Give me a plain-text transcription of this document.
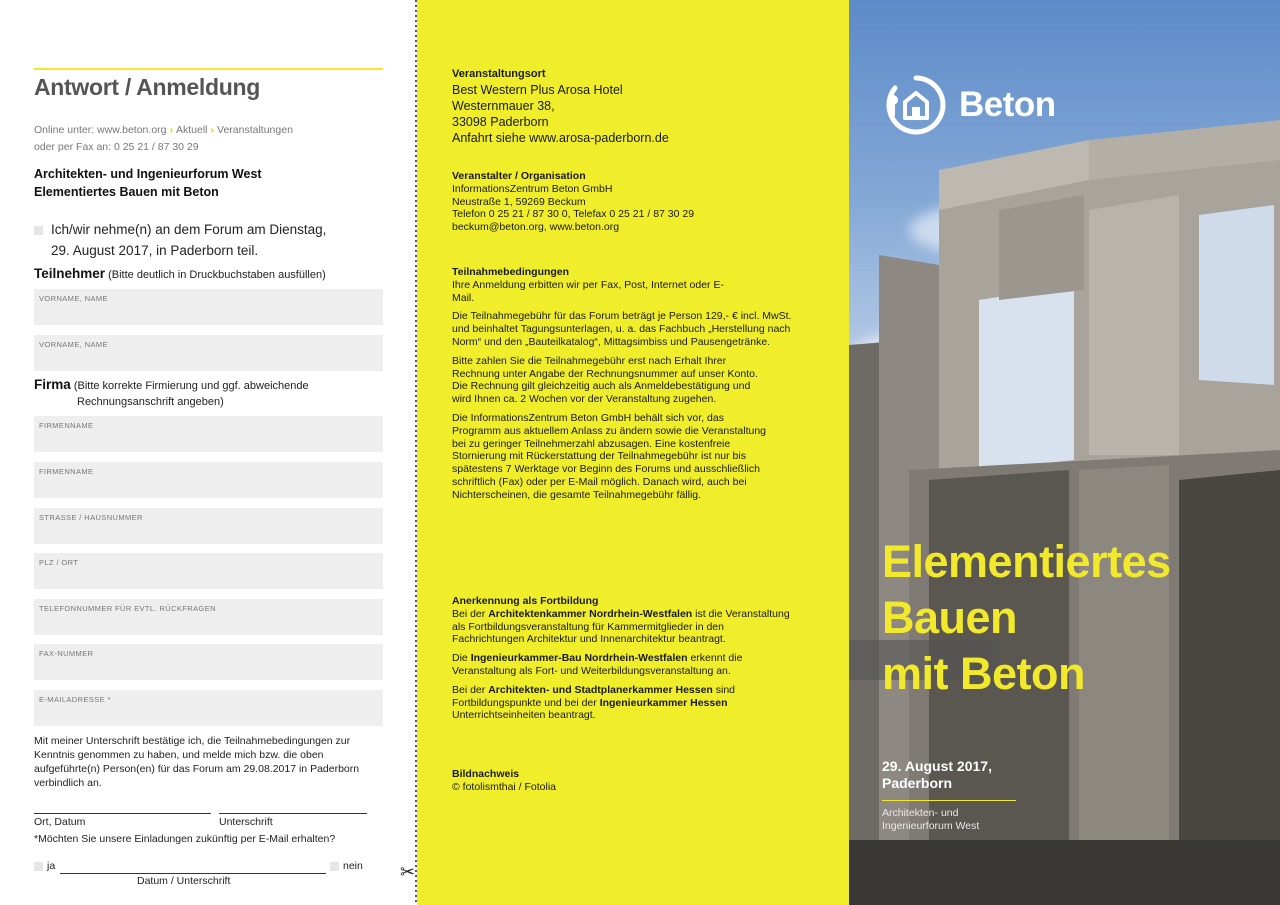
Antwort / Anmeldung
Online unter: www.beton.org › Aktuell › Veranstaltungen
oder per Fax an: 0 25 21 / 87 30 29
Architekten- und Ingenieurforum West
Elementiertes Bauen mit Beton
Ich/wir nehme(n) an dem Forum am Dienstag,
29. August 2017, in Paderborn teil.
Teilnehmer (Bitte deutlich in Druckbuchstaben ausfüllen)
VORNAME, NAME
VORNAME, NAME
Firma (Bitte korrekte Firmierung und ggf. abweichende
Rechnungsanschrift angeben)
FIRMENNAME
FIRMENNAME
STRASSE / HAUSNUMMER
PLZ / ORT
TELEFONNUMMER FÜR EVTL. RÜCKFRAGEN
FAX-NUMMER
E-MAILADRESSE *
Mit meiner Unterschrift bestätige ich, die Teilnahmebedingungen zur Kenntnis genommen zu haben, und melde mich bzw. die oben aufgeführte(n) Person(en) für das Forum am 29.08.2017 in Paderborn verbindlich an.
Ort, Datum	Unterschrift
*Möchten Sie unsere Einladungen zukünftig per E-Mail erhalten?
ja	nein
Datum / Unterschrift	✂
Veranstaltungsort
Best Western Plus Arosa Hotel
Westernmauer 38,
33098 Paderborn
Anfahrt siehe www.arosa-paderborn.de
Veranstalter / Organisation
InformationsZentrum Beton GmbH
Neustraße 1, 59269 Beckum
Telefon 0 25 21 / 87 30 0, Telefax 0 25 21 / 87 30 29
beckum@beton.org, www.beton.org
Teilnahmebedingungen
Ihre Anmeldung erbitten wir per Fax, Post, Internet oder E-Mail.
Die Teilnahmegebühr für das Forum beträgt je Person 129,- € incl. MwSt. und beinhaltet Tagungsunterlagen, u. a. das Fachbuch „Herstellung nach Norm“ und den „Bauteilkatalog“, Mittagsimbiss und Pausengetränke.
Bitte zahlen Sie die Teilnahmegebühr erst nach Erhalt Ihrer Rechnung unter Angabe der Rechnungsnummer auf unser Konto. Die Rechnung gilt gleichzeitig auch als Anmeldebestätigung und wird Ihnen ca. 2 Wochen vor der Veranstaltung zugehen.
Die InformationsZentrum Beton GmbH behält sich vor, das Programm aus aktuellem Anlass zu ändern sowie die Veranstaltung bei zu geringer Teilnehmerzahl abzusagen. Eine kostenfreie Stornierung mit Rückerstattung der Teilnahmegebühr ist nur bis spätestens 7 Werktage vor Beginn des Forums und ausschließlich schriftlich (Fax) oder per E-Mail möglich. Danach wird, auch bei Nichterscheinen, die gesamte Teilnahmegebühr fällig.
Anerkennung als Fortbildung
Bei der Architektenkammer Nordrhein-Westfalen ist die Veranstaltung als Fortbildungsveranstaltung für Kammermitglieder in den Fachrichtungen Architektur und Innenarchitektur beantragt.
Die Ingenieurkammer-Bau Nordrhein-Westfalen erkennt die Veranstaltung als Fort- und Weiterbildungsveranstaltung an.
Bei der Architekten- und Stadtplanerkammer Hessen sind Fortbildungspunkte und bei der Ingenieurkammer Hessen Unterrichtseinheiten beantragt.
Bildnachweis
© fotolismthai / Fotolia
Beton
Elementiertes
Bauen
mit Beton
29. August 2017,
Paderborn
Architekten- und
Ingenieurforum West
